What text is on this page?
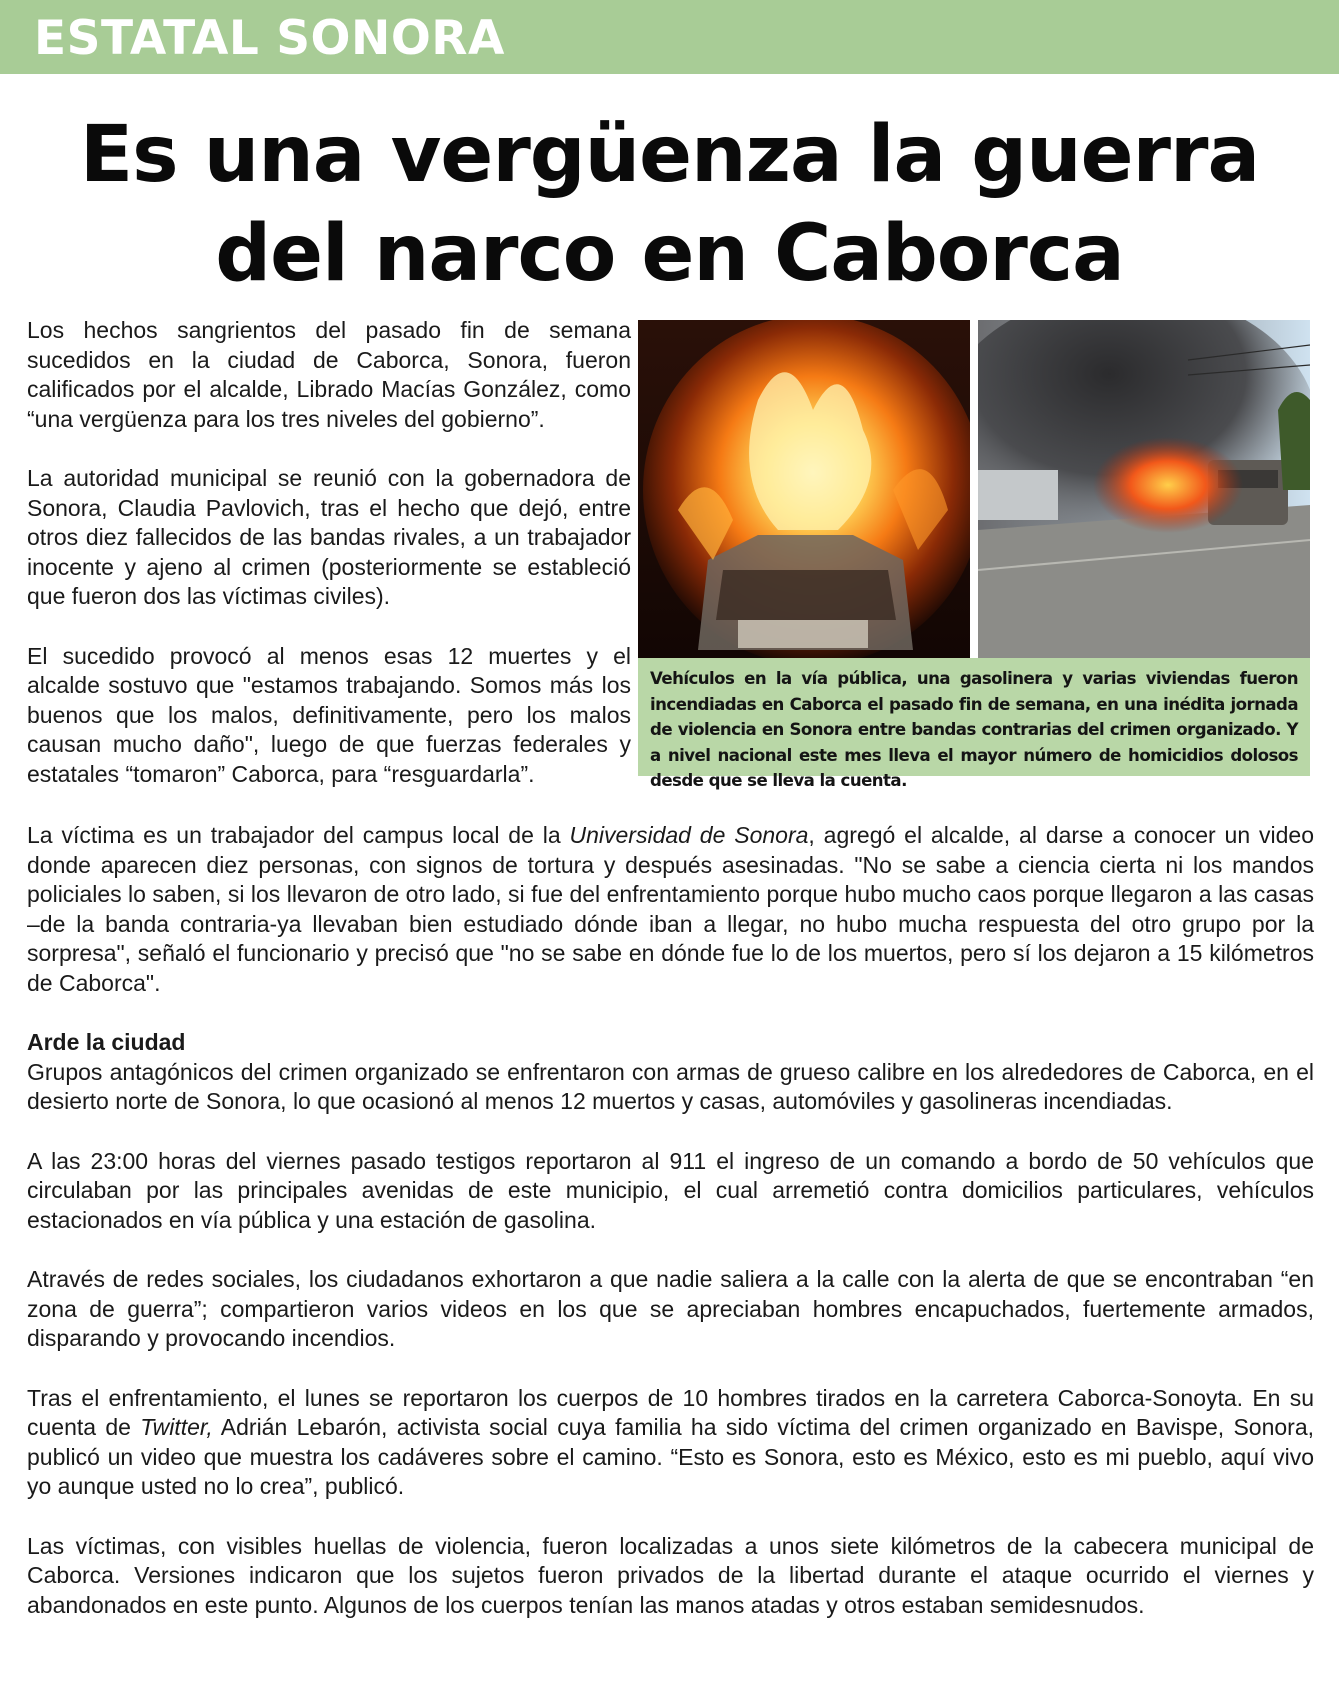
ESTATAL SONORA
Es una vergüenza la guerra del narco en Caborca

Los hechos sangrientos del pasado fin de semana sucedidos en la ciudad de Caborca, Sonora, fueron calificados por el alcalde, Librado Macías González, como “una vergüenza para los tres niveles del gobierno”.

La autoridad municipal se reunió con la gobernadora de Sonora, Claudia Pavlovich, tras el hecho que dejó, entre otros diez fallecidos de las bandas rivales, a un trabajador inocente y ajeno al crimen (posteriormente se estableció que fueron dos las víctimas civiles).

El sucedido provocó al menos esas 12 muertes y el alcalde sostuvo que "estamos trabajando. Somos más los buenos que los malos, definitivamente, pero los malos causan mucho daño", luego de que fuerzas federales y estatales “tomaron” Caborca, para “resguardarla”.

Vehículos en la vía pública, una gasolinera y varias viviendas fueron incendiadas en Caborca el pasado fin de semana, en una inédita jornada de violencia en Sonora entre bandas contrarias del crimen organizado. Y a nivel nacional este mes lleva el mayor número de homicidios dolosos desde que se lleva la cuenta.

La víctima es un trabajador del campus local de la Universidad de Sonora, agregó el alcalde, al darse a conocer un video donde aparecen diez personas, con signos de tortura y después asesinadas. "No se sabe a ciencia cierta ni los mandos policiales lo saben, si los llevaron de otro lado, si fue del enfrentamiento porque hubo mucho caos porque llegaron a las casas –de la banda contraria-ya llevaban bien estudiado dónde iban a llegar, no hubo mucha respuesta del otro grupo por la sorpresa", señaló el funcionario y precisó que "no se sabe en dónde fue lo de los muertos, pero sí los dejaron a 15 kilómetros de Caborca".

Arde la ciudad
Grupos antagónicos del crimen organizado se enfrentaron con armas de grueso calibre en los alrededores de Caborca, en el desierto norte de Sonora, lo que ocasionó al menos 12 muertos y casas, automóviles y gasolineras incendiadas.

A las 23:00 horas del viernes pasado testigos reportaron al 911 el ingreso de un comando a bordo de 50 vehículos que circulaban por las principales avenidas de este municipio, el cual arremetió contra domicilios particulares, vehículos estacionados en vía pública y una estación de gasolina.

Através de redes sociales, los ciudadanos exhortaron a que nadie saliera a la calle con la alerta de que se encontraban “en zona de guerra”; compartieron varios videos en los que se apreciaban hombres encapuchados, fuertemente armados, disparando y provocando incendios.

Tras el enfrentamiento, el lunes se reportaron los cuerpos de 10 hombres tirados en la carretera Caborca-Sonoyta. En su cuenta de Twitter, Adrián Lebarón, activista social cuya familia ha sido víctima del crimen organizado en Bavispe, Sonora, publicó un video que muestra los cadáveres sobre el camino. “Esto es Sonora, esto es México, esto es mi pueblo, aquí vivo yo aunque usted no lo crea”, publicó.

Las víctimas, con visibles huellas de violencia, fueron localizadas a unos siete kilómetros de la cabecera municipal de Caborca. Versiones indicaron que los sujetos fueron privados de la libertad durante el ataque ocurrido el viernes y abandonados en este punto. Algunos de los cuerpos tenían las manos atadas y otros estaban semidesnudos.
